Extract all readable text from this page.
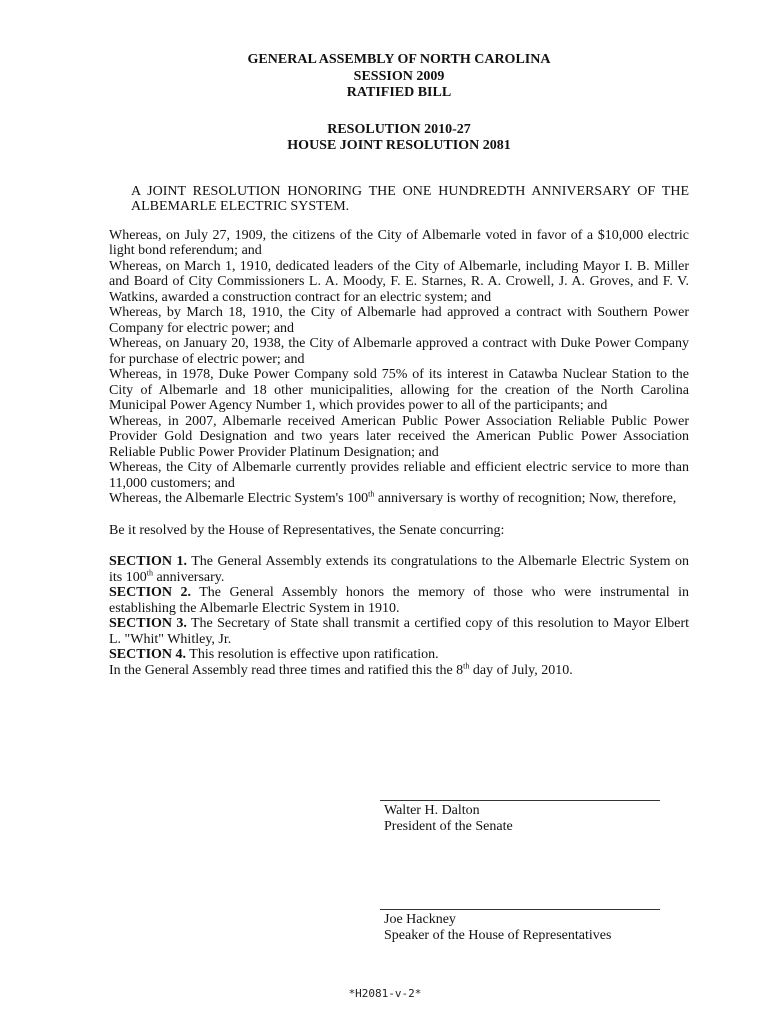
GENERAL ASSEMBLY OF NORTH CAROLINA
SESSION 2009
RATIFIED BILL
RESOLUTION 2010-27
HOUSE JOINT RESOLUTION 2081
A JOINT RESOLUTION HONORING THE ONE HUNDREDTH ANNIVERSARY OF THE ALBEMARLE ELECTRIC SYSTEM.
Whereas, on July 27, 1909, the citizens of the City of Albemarle voted in favor of a $10,000 electric light bond referendum; and
Whereas, on March 1, 1910, dedicated leaders of the City of Albemarle, including Mayor I. B. Miller and Board of City Commissioners L. A. Moody, F. E. Starnes, R. A. Crowell, J. A. Groves, and F. V. Watkins, awarded a construction contract for an electric system; and
Whereas, by March 18, 1910, the City of Albemarle had approved a contract with Southern Power Company for electric power; and
Whereas, on January 20, 1938, the City of Albemarle approved a contract with Duke Power Company for purchase of electric power; and
Whereas, in 1978, Duke Power Company sold 75% of its interest in Catawba Nuclear Station to the City of Albemarle and 18 other municipalities, allowing for the creation of the North Carolina Municipal Power Agency Number 1, which provides power to all of the participants; and
Whereas, in 2007, Albemarle received American Public Power Association Reliable Public Power Provider Gold Designation and two years later received the American Public Power Association Reliable Public Power Provider Platinum Designation; and
Whereas, the City of Albemarle currently provides reliable and efficient electric service to more than 11,000 customers; and
Whereas, the Albemarle Electric System's 100th anniversary is worthy of recognition; Now, therefore,
Be it resolved by the House of Representatives, the Senate concurring:
SECTION 1. The General Assembly extends its congratulations to the Albemarle Electric System on its 100th anniversary.
SECTION 2. The General Assembly honors the memory of those who were instrumental in establishing the Albemarle Electric System in 1910.
SECTION 3. The Secretary of State shall transmit a certified copy of this resolution to Mayor Elbert L. "Whit" Whitley, Jr.
SECTION 4. This resolution is effective upon ratification.
In the General Assembly read three times and ratified this the 8th day of July, 2010.
Walter H. Dalton
President of the Senate
Joe Hackney
Speaker of the House of Representatives
*H2081-v-2*
